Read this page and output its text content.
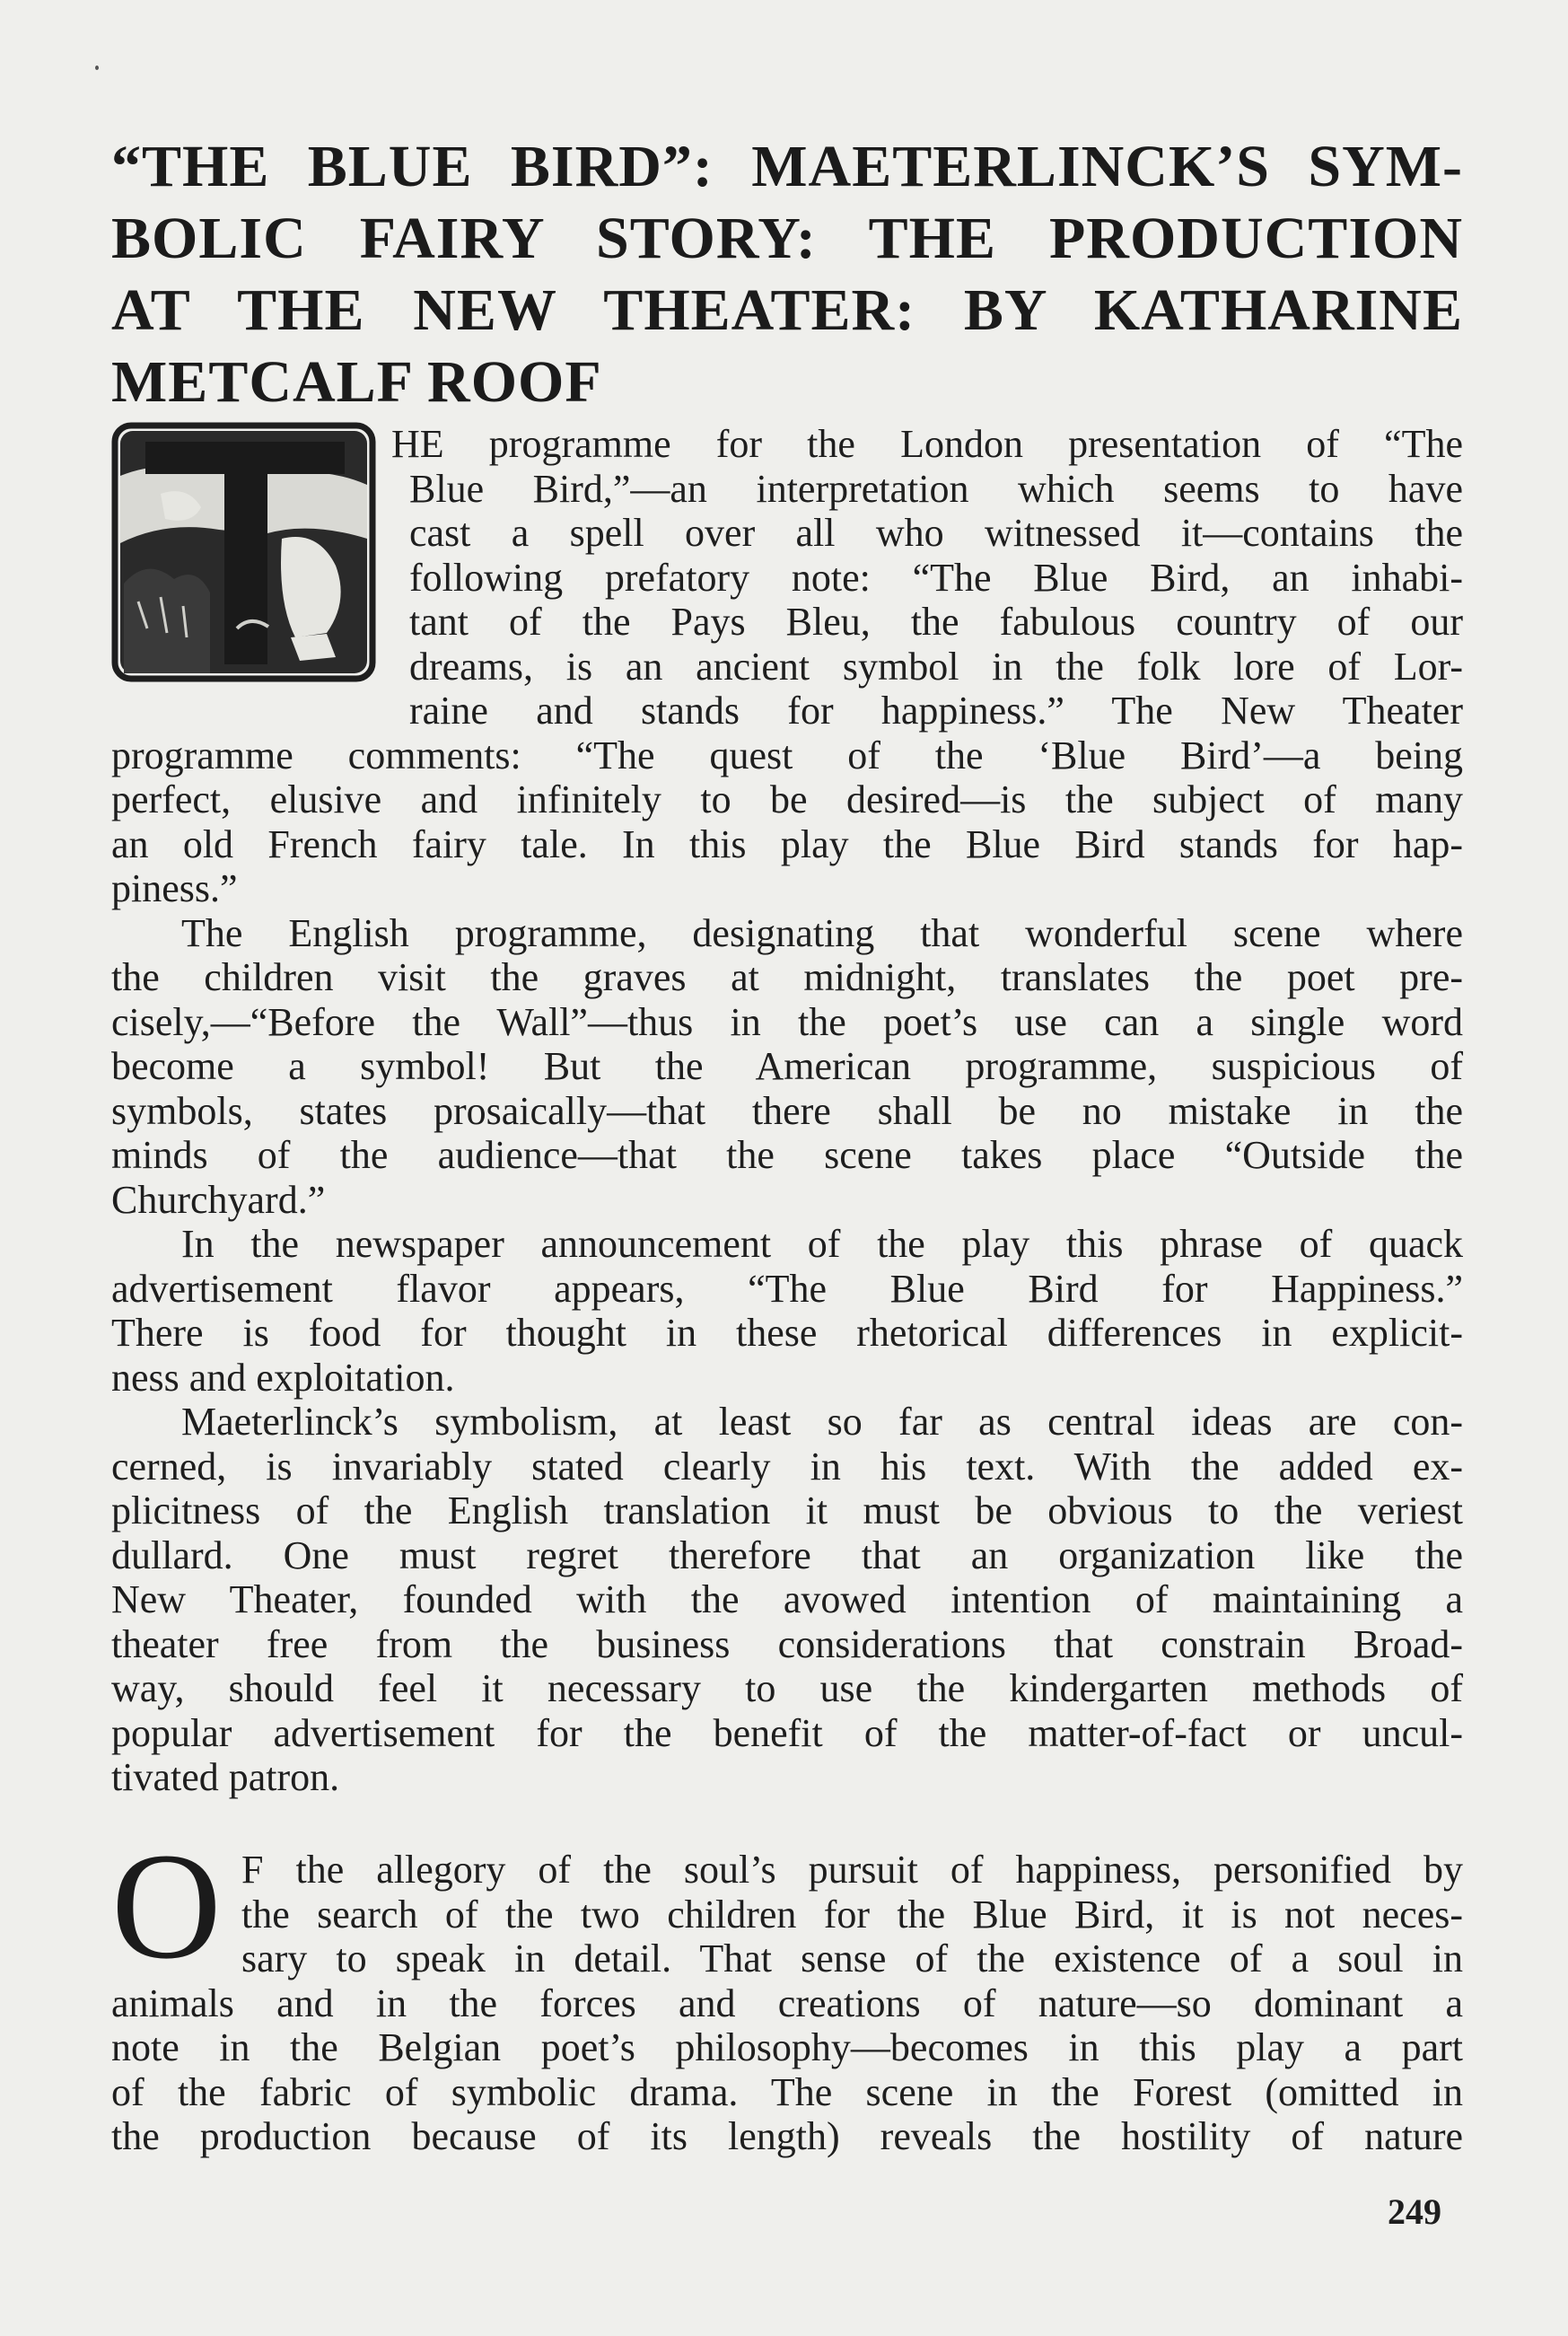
“THE BLUE BIRD”: MAETERLINCK’S SYM-
BOLIC FAIRY STORY: THE PRODUCTION
AT THE NEW THEATER: BY KATHARINE
METCALF ROOF
HE programme for the London presentation of “The
Blue Bird,”—an interpretation which seems to have
cast a spell over all who witnessed it—contains the
following prefatory note: “The Blue Bird, an inhabi-
tant of the Pays Bleu, the fabulous country of our
dreams, is an ancient symbol in the folk lore of Lor-
raine and stands for happiness.” The New Theater
programme comments: “The quest of the ‘Blue Bird’—a being
perfect, elusive and infinitely to be desired—is the subject of many
an old French fairy tale. In this play the Blue Bird stands for hap-
piness.”
The English programme, designating that wonderful scene where
the children visit the graves at midnight, translates the poet pre-
cisely,—“Before the Wall”—thus in the poet’s use can a single word
become a symbol! But the American programme, suspicious of
symbols, states prosaically—that there shall be no mistake in the
minds of the audience—that the scene takes place “Outside the
Churchyard.”
In the newspaper announcement of the play this phrase of quack
advertisement flavor appears, “The Blue Bird for Happiness.”
There is food for thought in these rhetorical differences in explicit-
ness and exploitation.
Maeterlinck’s symbolism, at least so far as central ideas are con-
cerned, is invariably stated clearly in his text. With the added ex-
plicitness of the English translation it must be obvious to the veriest
dullard. One must regret therefore that an organization like the
New Theater, founded with the avowed intention of maintaining a
theater free from the business considerations that constrain Broad-
way, should feel it necessary to use the kindergarten methods of
popular advertisement for the benefit of the matter-of-fact or uncul-
tivated patron.
O F the allegory of the soul’s pursuit of happiness, personified by
the search of the two children for the Blue Bird, it is not neces-
sary to speak in detail. That sense of the existence of a soul in
animals and in the forces and creations of nature—so dominant a
note in the Belgian poet’s philosophy—becomes in this play a part
of the fabric of symbolic drama. The scene in the Forest (omitted in
the production because of its length) reveals the hostility of nature
249
